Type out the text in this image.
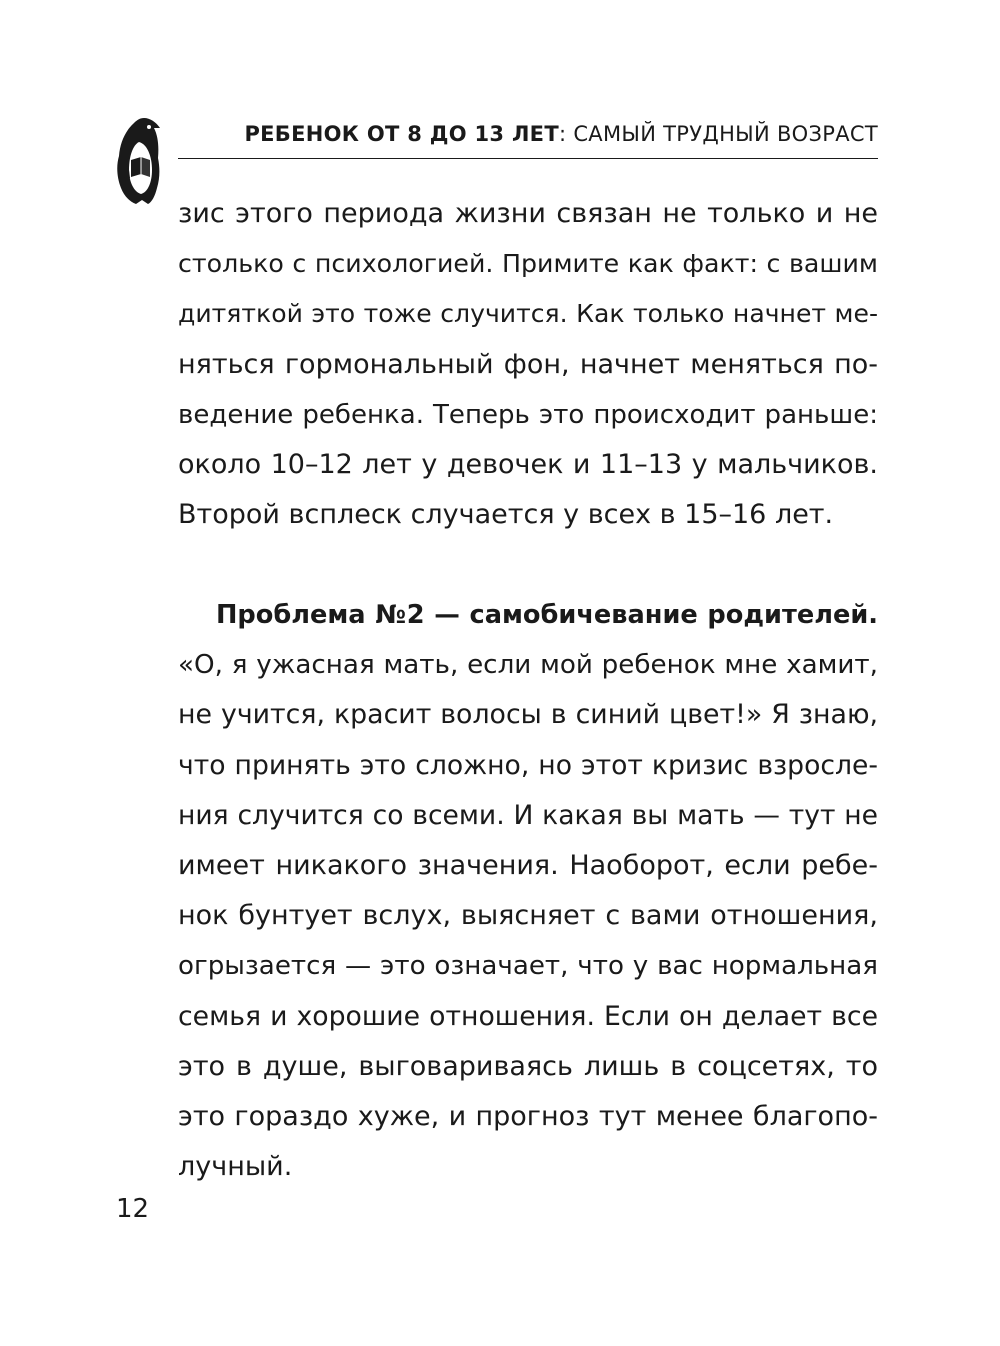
РЕБЕНОК ОТ 8 ДО 13 ЛЕТ: САМЫЙ ТРУДНЫЙ ВОЗРАСТ
зис этого периода жизни связан не только и не
столько с психологией. Примите как факт: с вашим
дитяткой это тоже случится. Как только начнет ме-
няться гормональный фон, начнет меняться по-
ведение ребенка. Теперь это происходит раньше:
около 10–12 лет у девочек и 11–13 у мальчиков.
Второй всплеск случается у всех в 15–16 лет.
Проблема №2 — самобичевание родителей.
«О, я ужасная мать, если мой ребенок мне хамит,
не учится, красит волосы в синий цвет!» Я знаю,
что принять это сложно, но этот кризис взросле-
ния случится со всеми. И какая вы мать — тут не
имеет никакого значения. Наоборот, если ребе-
нок бунтует вслух, выясняет с вами отношения,
огрызается — это означает, что у вас нормальная
семья и хорошие отношения. Если он делает все
это в душе, выговариваясь лишь в соцсетях, то
это гораздо хуже, и прогноз тут менее благопо-
лучный.
12
